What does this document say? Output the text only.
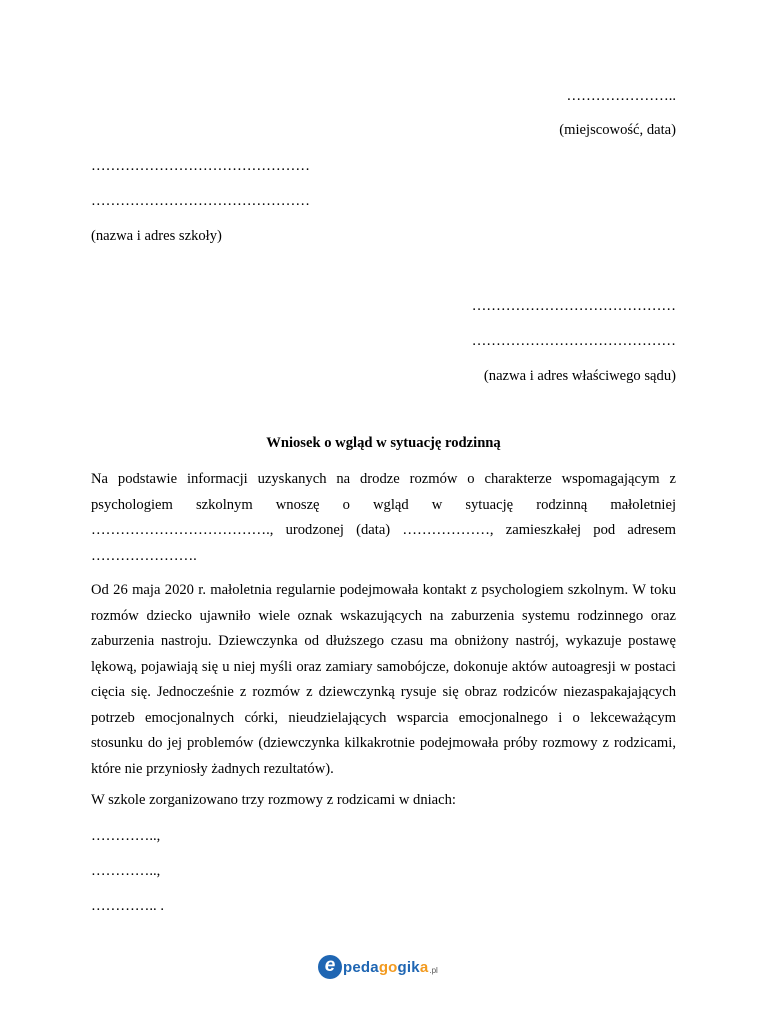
…………………..
(miejscowość, data)
………………………………………
………………………………………
(nazwa i adres szkoły)
……………………………………
……………………………………
(nazwa i adres właściwego sądu)
Wniosek o wgląd w sytuację rodzinną
Na podstawie informacji uzyskanych na drodze rozmów o charakterze wspomagającym z psychologiem szkolnym wnoszę o wgląd w sytuację rodzinną małoletniej ………………………………., urodzonej (data) ………………, zamieszkałej pod adresem ………………….
Od 26 maja 2020 r. małoletnia regularnie podejmowała kontakt z psychologiem szkolnym. W toku rozmów dziecko ujawniło wiele oznak wskazujących na zaburzenia systemu rodzinnego oraz zaburzenia nastroju. Dziewczynka od dłuższego czasu ma obniżony nastrój, wykazuje postawę lękową, pojawiają się u niej myśli oraz zamiary samobójcze, dokonuje aktów autoagresji w postaci cięcia się. Jednocześnie z rozmów z dziewczynką rysuje się obraz rodziców niezaspakajających potrzeb emocjonalnych córki, nieudzielających wsparcia emocjonalnego i o lekceważącym stosunku do jej problemów (dziewczynka kilkakrotnie podejmowała próby rozmowy z rodzicami, które nie przyniosły żadnych rezultatów).
W szkole zorganizowano trzy rozmowy z rodzicami w dniach:
…………..,
…………..,
………….. .
e pedagogika .pl
